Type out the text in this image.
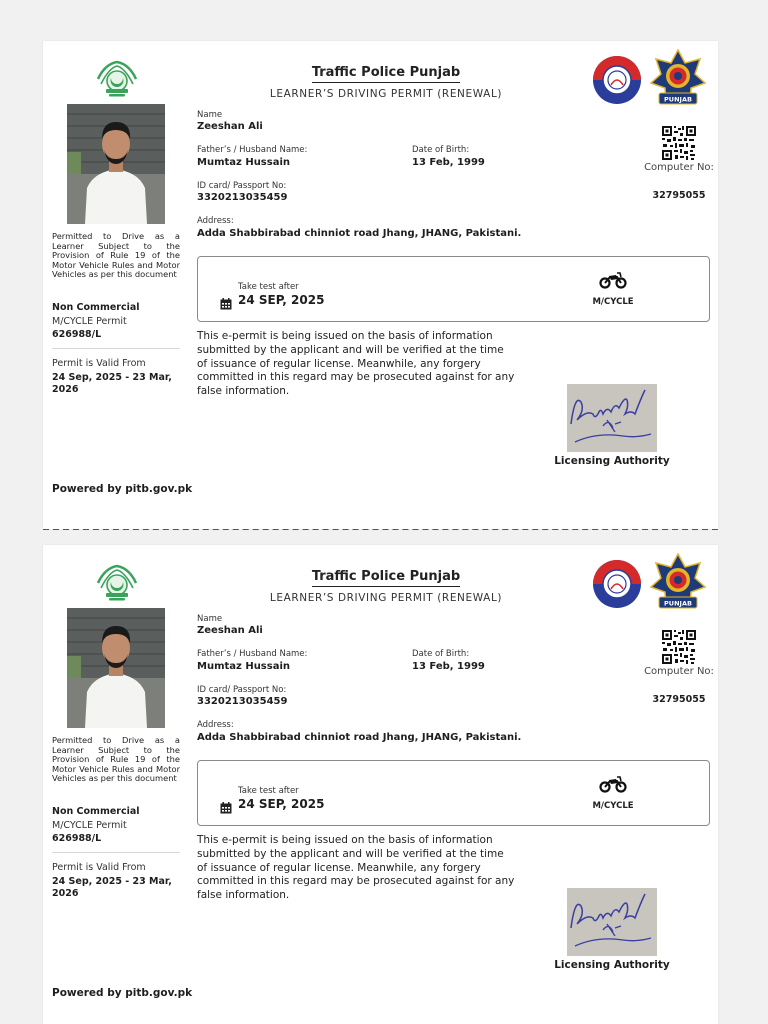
Traffic Police Punjab
LEARNER’S DRIVING PERMIT (RENEWAL)	PUNJAB
Computer No:
32795055
Name
Zeeshan Ali
Father’s / Husband Name:
Mumtaz Hussain
Date of Birth:
13 Feb, 1999
ID card/ Passport No:
3320213035459
Address:
Adda Shabbirabad chinniot road Jhang, JHANG, Pakistani.
Permitted to Drive as a Learner Subject to the Provision of Rule 19 of the Motor Vehicle Rules and Motor Vehicles as per this document
Non Commercial
M/CYCLE Permit
626988/L
Permit is Valid From
24 Sep, 2025 - 23 Mar, 2026
Take test after
24 SEP, 2025	M/CYCLE
This e-permit is being issued on the basis of information submitted by the applicant and will be verified at the time of issuance of regular license. Meanwhile, any forgery committed in this regard may be prosecuted against for any false information.
Licensing Authority
Powered by pitb.gov.pk
Traffic Police Punjab
LEARNER’S DRIVING PERMIT (RENEWAL)	PUNJAB
Computer No:
32795055
Name
Zeeshan Ali
Father’s / Husband Name:
Mumtaz Hussain
Date of Birth:
13 Feb, 1999
ID card/ Passport No:
3320213035459
Address:
Adda Shabbirabad chinniot road Jhang, JHANG, Pakistani.
Permitted to Drive as a Learner Subject to the Provision of Rule 19 of the Motor Vehicle Rules and Motor Vehicles as per this document
Non Commercial
M/CYCLE Permit
626988/L
Permit is Valid From
24 Sep, 2025 - 23 Mar, 2026
Take test after
24 SEP, 2025	M/CYCLE
This e-permit is being issued on the basis of information submitted by the applicant and will be verified at the time of issuance of regular license. Meanwhile, any forgery committed in this regard may be prosecuted against for any false information.
Licensing Authority
Powered by pitb.gov.pk
